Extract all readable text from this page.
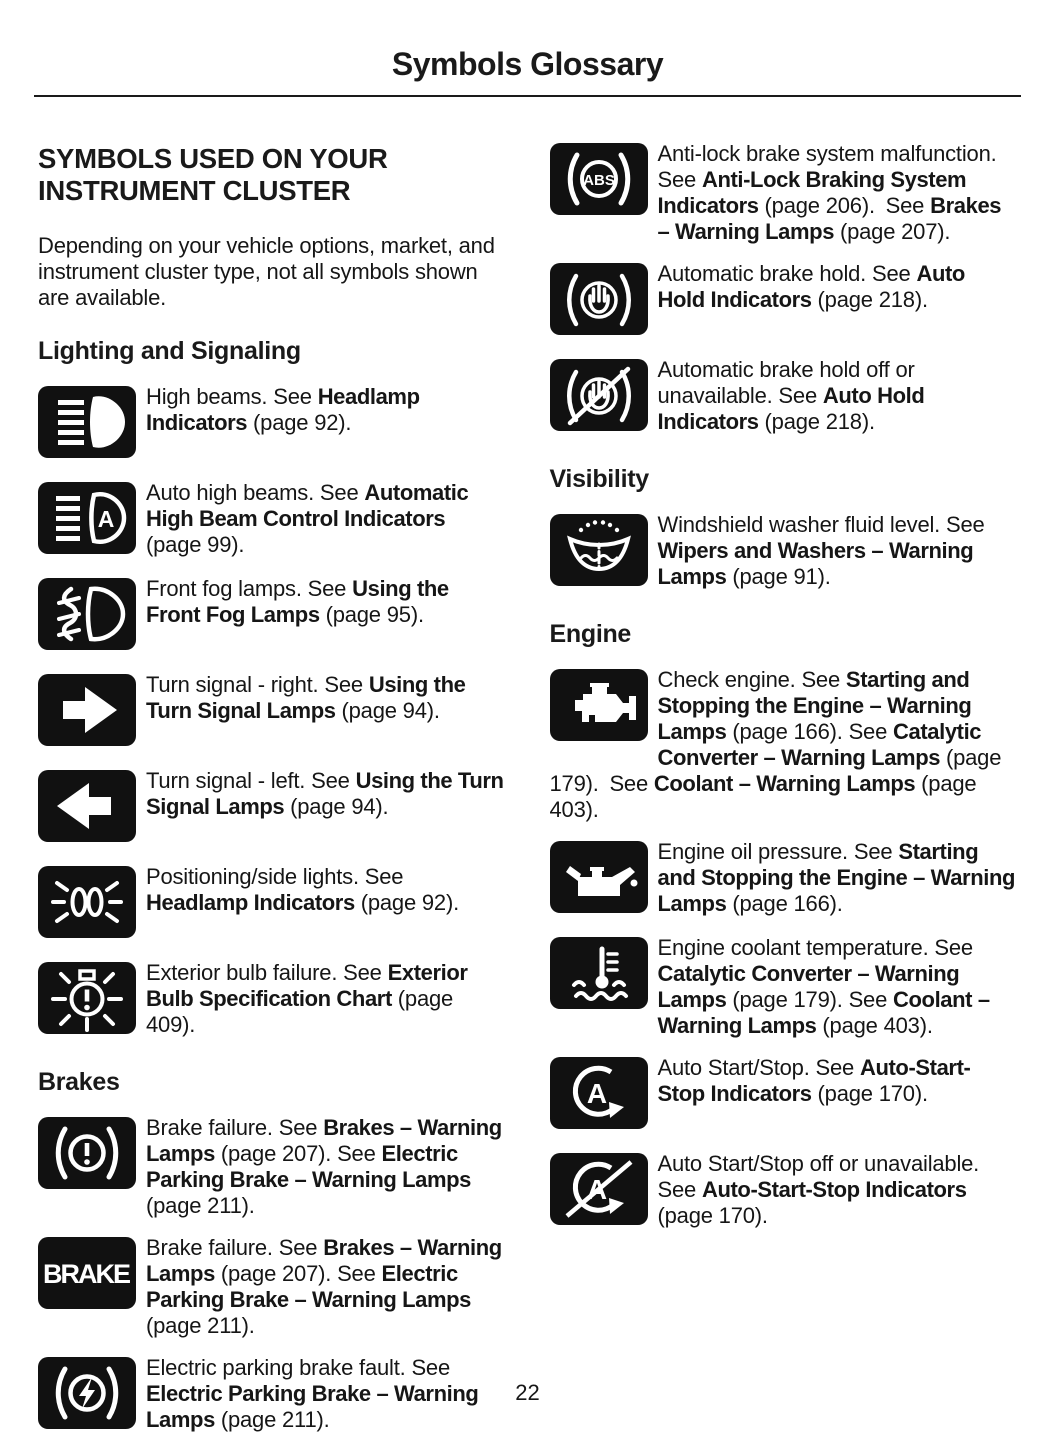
Symbols Glossary
SYMBOLS USED ON YOUR INSTRUMENT CLUSTER

Depending on your vehicle options, market, and instrument cluster type, not all symbols shown are available.

Lighting and Signaling

High beams. See Headlamp Indicators (page 92).

Auto high beams. See Automatic High Beam Control Indicators (page 99).

Front fog lamps. See Using the Front Fog Lamps (page 95).

Turn signal - right. See Using the Turn Signal Lamps (page 94).

Turn signal - left. See Using the Turn Signal Lamps (page 94).

Positioning/side lights. See Headlamp Indicators (page 92).

Exterior bulb failure. See Exterior Bulb Specification Chart (page 409).

Brakes

Brake failure. See Brakes – Warning Lamps (page 207). See Electric Parking Brake – Warning Lamps (page 211).

Brake failure. See Brakes – Warning Lamps (page 207). See Electric Parking Brake – Warning Lamps (page 211).

Electric parking brake fault. See Electric Parking Brake – Warning Lamps (page 211).

Anti-lock brake system malfunction. See Anti-Lock Braking System Indicators (page 206). See Brakes – Warning Lamps (page 207).

Automatic brake hold. See Auto Hold Indicators (page 218).

Automatic brake hold off or unavailable. See Auto Hold Indicators (page 218).

Visibility

Windshield washer fluid level. See Wipers and Washers – Warning Lamps (page 91).

Engine

Check engine. See Starting and Stopping the Engine – Warning Lamps (page 166). See Catalytic Converter – Warning Lamps (page 179). See Coolant – Warning Lamps (page 403).

Engine oil pressure. See Starting and Stopping the Engine – Warning Lamps (page 166).

Engine coolant temperature. See Catalytic Converter – Warning Lamps (page 179). See Coolant – Warning Lamps (page 403).

Auto Start/Stop. See Auto-Start-Stop Indicators (page 170).

Auto Start/Stop off or unavailable. See Auto-Start-Stop Indicators (page 170).

22
